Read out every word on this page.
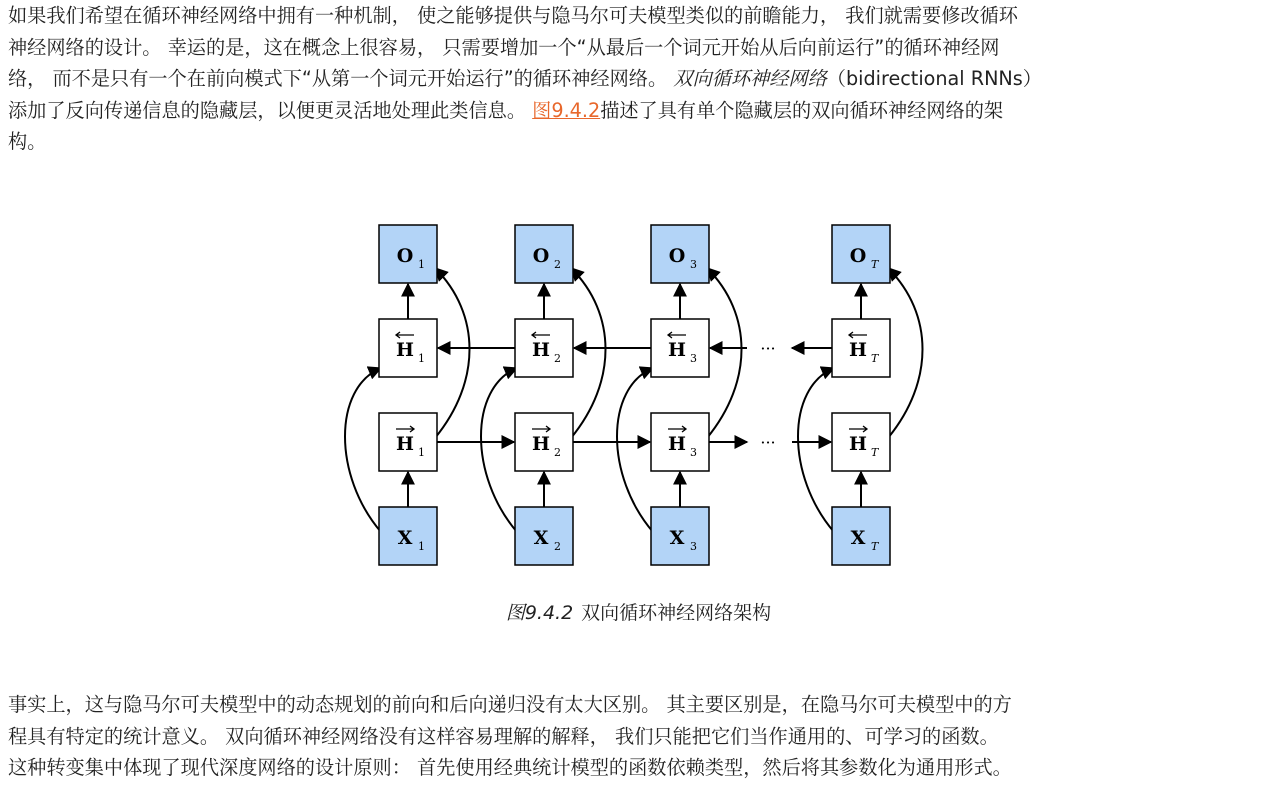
如果我们希望在循环神经网络中拥有一种机制， 使之能够提供与隐马尔可夫模型类似的前瞻能力， 我们就需要修改循环
神经网络的设计。 幸运的是，这在概念上很容易， 只需要增加一个“从最后一个词元开始从后向前运行”的循环神经网
络， 而不是只有一个在前向模式下“从第一个词元开始运行”的循环神经网络。 双向循环神经网络（bidirectional RNNs）
添加了反向传递信息的隐藏层，以便更灵活地处理此类信息。 图9.4.2描述了具有单个隐藏层的双向循环神经网络的架
构。
O 1
H 1
H 1
X 1
O 2
H 2
H 2
X 2
O 3
H 3
H 3
X 3
O T
H T
H T
X T
···
···
图9.4.2 双向循环神经网络架构
事实上，这与隐马尔可夫模型中的动态规划的前向和后向递归没有太大区别。 其主要区别是，在隐马尔可夫模型中的方
程具有特定的统计意义。 双向循环神经网络没有这样容易理解的解释， 我们只能把它们当作通用的、可学习的函数。
这种转变集中体现了现代深度网络的设计原则： 首先使用经典统计模型的函数依赖类型，然后将其参数化为通用形式。
